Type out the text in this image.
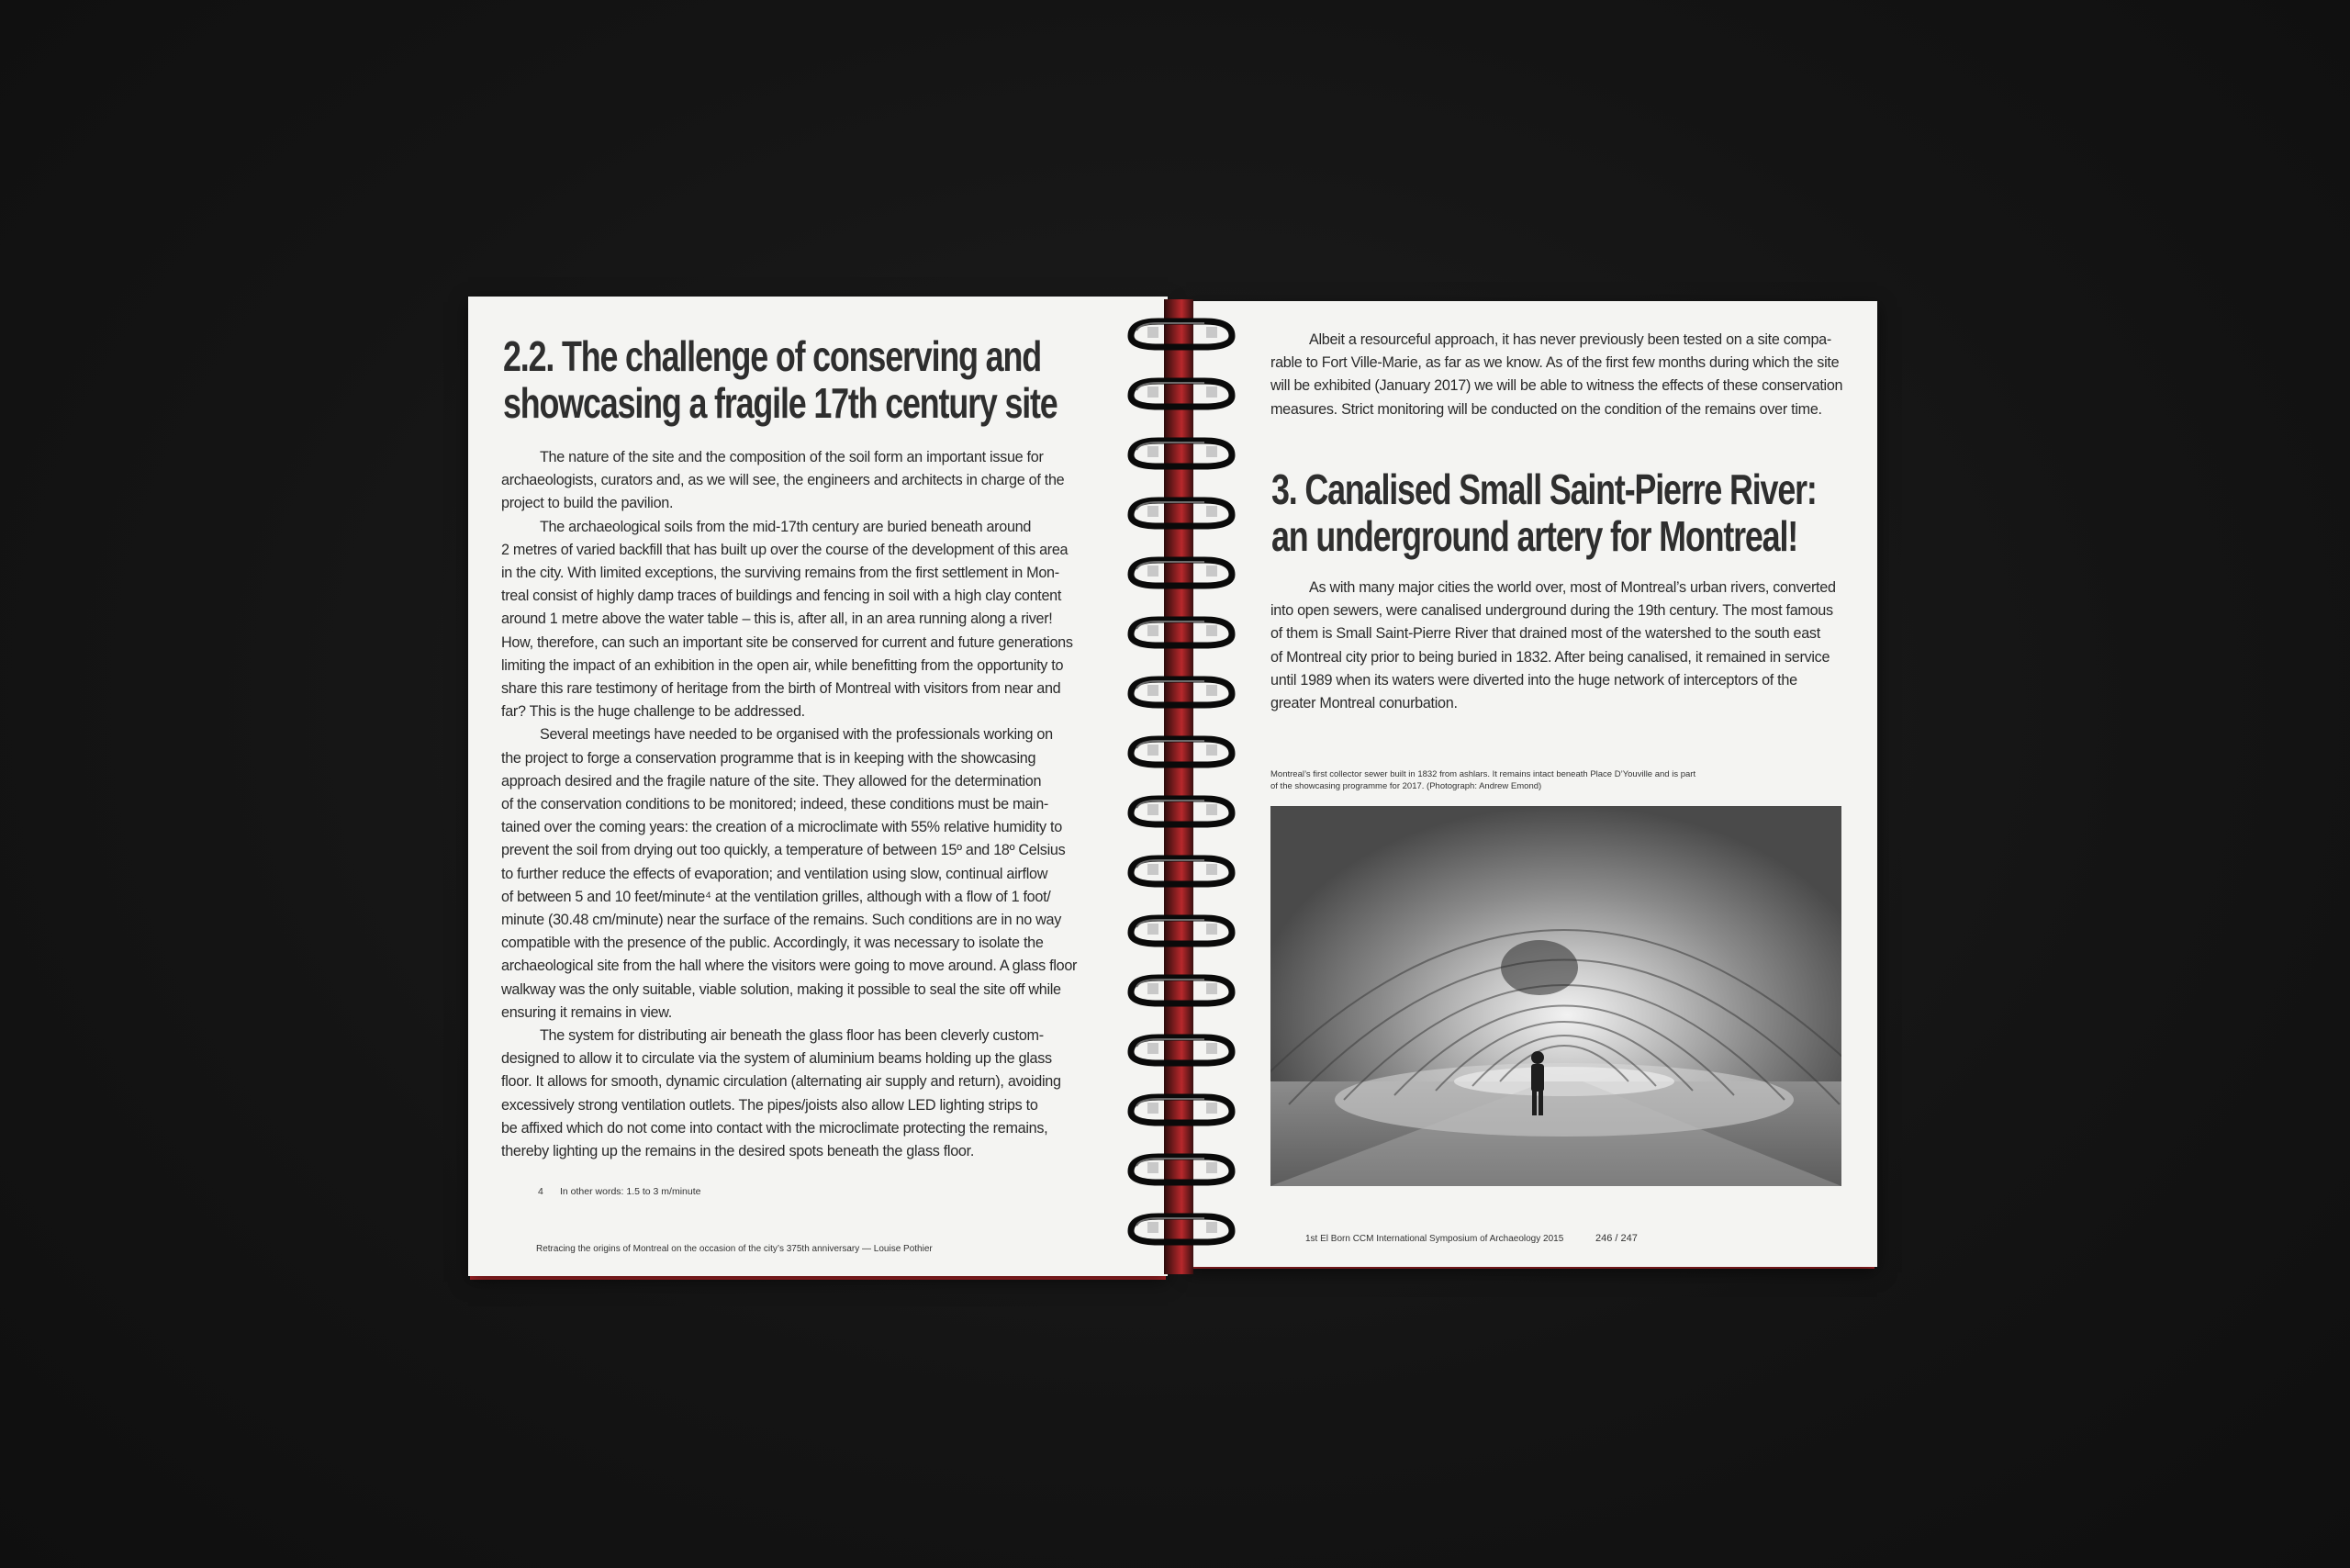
2.2. The challenge of conserving and
showcasing a fragile 17th century site
The nature of the site and the composition of the soil form an important issue for
archaeologists, curators and, as we will see, the engineers and architects in charge of the
project to build the pavilion.
The archaeological soils from the mid-17th century are buried beneath around
2 metres of varied backfill that has built up over the course of the development of this area
in the city. With limited exceptions, the surviving remains from the first settlement in Mon-
treal consist of highly damp traces of buildings and fencing in soil with a high clay content
around 1 metre above the water table – this is, after all, in an area running along a river!
How, therefore, can such an important site be conserved for current and future generations
limiting the impact of an exhibition in the open air, while benefitting from the opportunity to
share this rare testimony of heritage from the birth of Montreal with visitors from near and
far? This is the huge challenge to be addressed.
Several meetings have needed to be organised with the professionals working on
the project to forge a conservation programme that is in keeping with the showcasing
approach desired and the fragile nature of the site. They allowed for the determination
of the conservation conditions to be monitored; indeed, these conditions must be main-
tained over the coming years: the creation of a microclimate with 55% relative humidity to
prevent the soil from drying out too quickly, a temperature of between 15º and 18º Celsius
to further reduce the effects of evaporation; and ventilation using slow, continual airflow
of between 5 and 10 feet/minute⁴ at the ventilation grilles, although with a flow of 1 foot/
minute (30.48 cm/minute) near the surface of the remains. Such conditions are in no way
compatible with the presence of the public. Accordingly, it was necessary to isolate the
archaeological site from the hall where the visitors were going to move around. A glass floor
walkway was the only suitable, viable solution, making it possible to seal the site off while
ensuring it remains in view.
The system for distributing air beneath the glass floor has been cleverly custom-
designed to allow it to circulate via the system of aluminium beams holding up the glass
floor. It allows for smooth, dynamic circulation (alternating air supply and return), avoiding
excessively strong ventilation outlets. The pipes/joists also allow LED lighting strips to
be affixed which do not come into contact with the microclimate protecting the remains,
thereby lighting up the remains in the desired spots beneath the glass floor.
4 In other words: 1.5 to 3 m/minute
Retracing the origins of Montreal on the occasion of the city’s 375th anniversary — Louise Pothier
Albeit a resourceful approach, it has never previously been tested on a site compa-
rable to Fort Ville-Marie, as far as we know. As of the first few months during which the site
will be exhibited (January 2017) we will be able to witness the effects of these conservation
measures. Strict monitoring will be conducted on the condition of the remains over time.
3. Canalised Small Saint-Pierre River:
an underground artery for Montreal!
As with many major cities the world over, most of Montreal’s urban rivers, converted
into open sewers, were canalised underground during the 19th century. The most famous
of them is Small Saint-Pierre River that drained most of the watershed to the south east
of Montreal city prior to being buried in 1832. After being canalised, it remained in service
until 1989 when its waters were diverted into the huge network of interceptors of the
greater Montreal conurbation.
Montreal’s first collector sewer built in 1832 from ashlars. It remains intact beneath Place D’Youville and is part
of the showcasing programme for 2017. (Photograph: Andrew Emond)
1st El Born CCM International Symposium of Archaeology 2015	246 / 247
